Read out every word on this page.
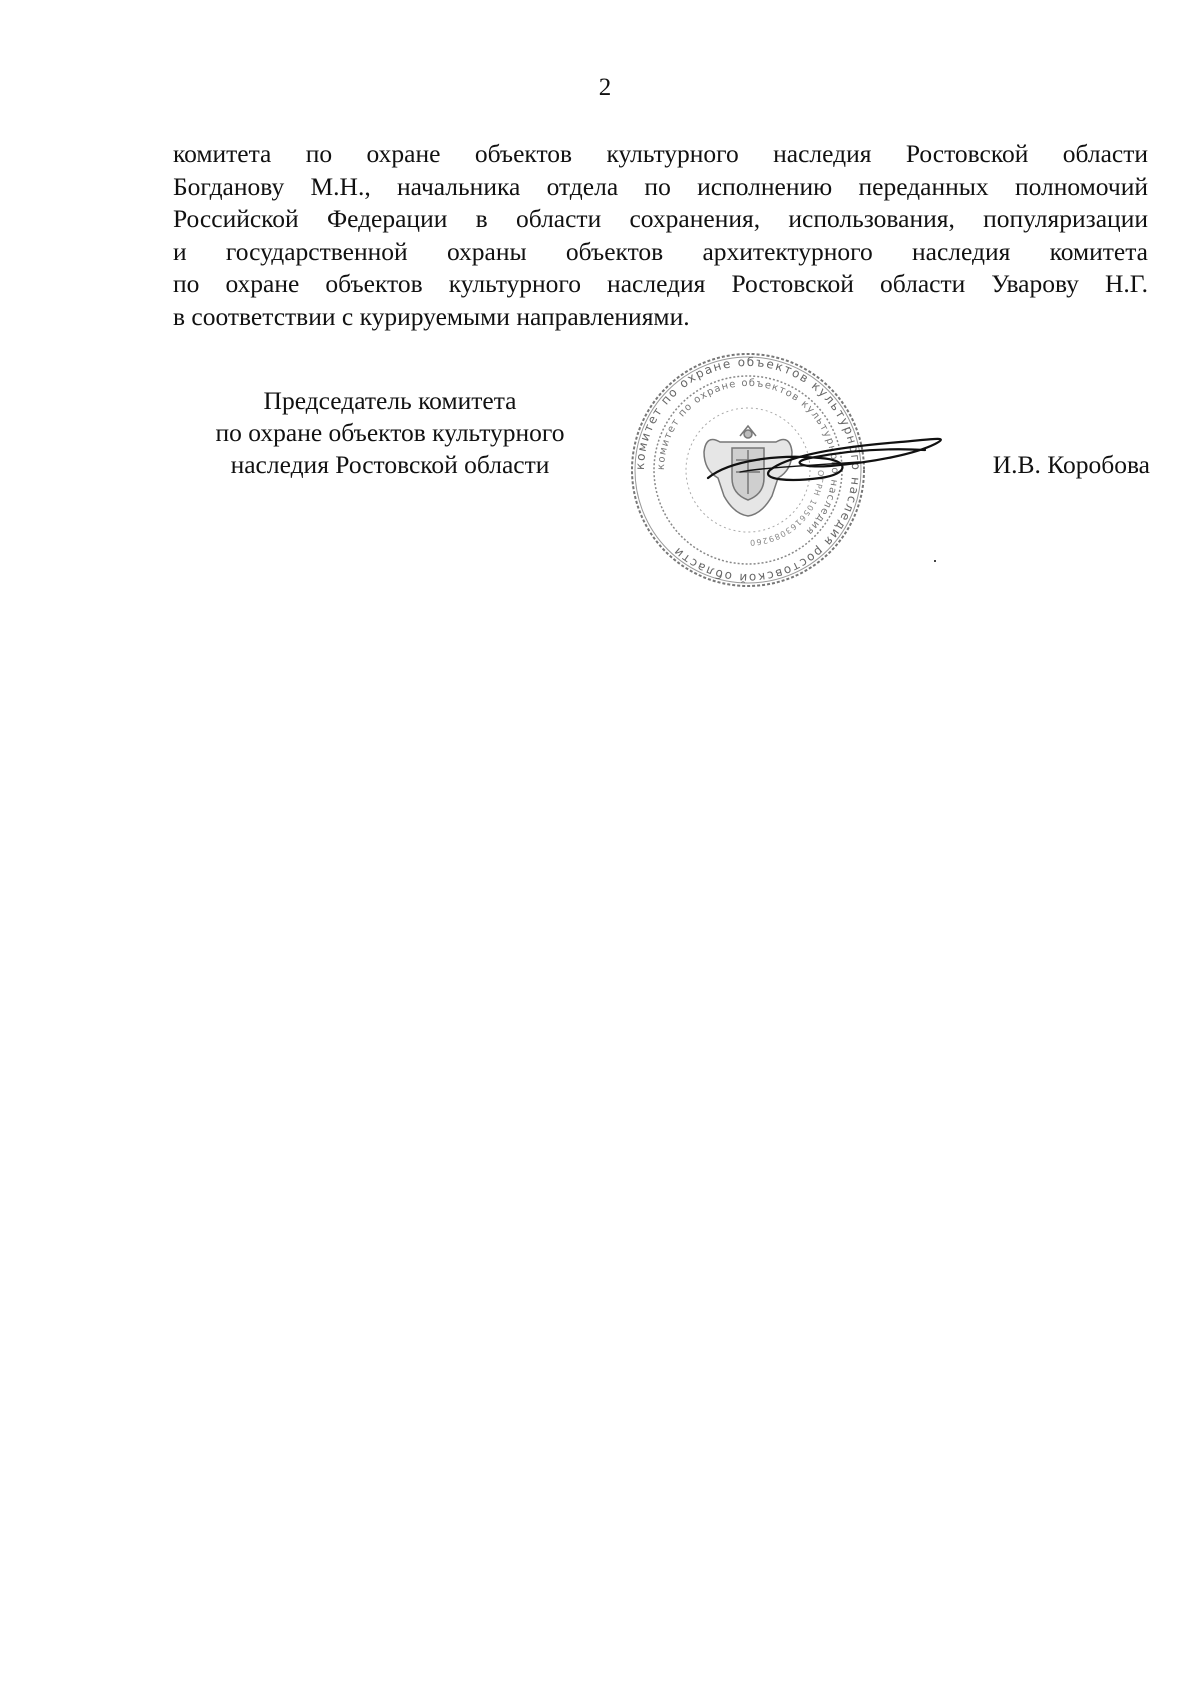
2
комитета по охране объектов культурного наследия Ростовской области
Богданову М.Н., начальника отдела по исполнению переданных полномочий
Российской Федерации в области сохранения, использования, популяризации
и государственной охраны объектов архитектурного наследия комитета
по охране объектов культурного наследия Ростовской области Уварову Н.Г.
в соответствии с курируемыми направлениями.
Председатель комитета
по охране объектов культурного
наследия Ростовской области	комитет по охране объектов культурного наследия ростовской области
комитет по охране объектов культурного наследия
ОГРН 1056163089260
И.В. Коробова
